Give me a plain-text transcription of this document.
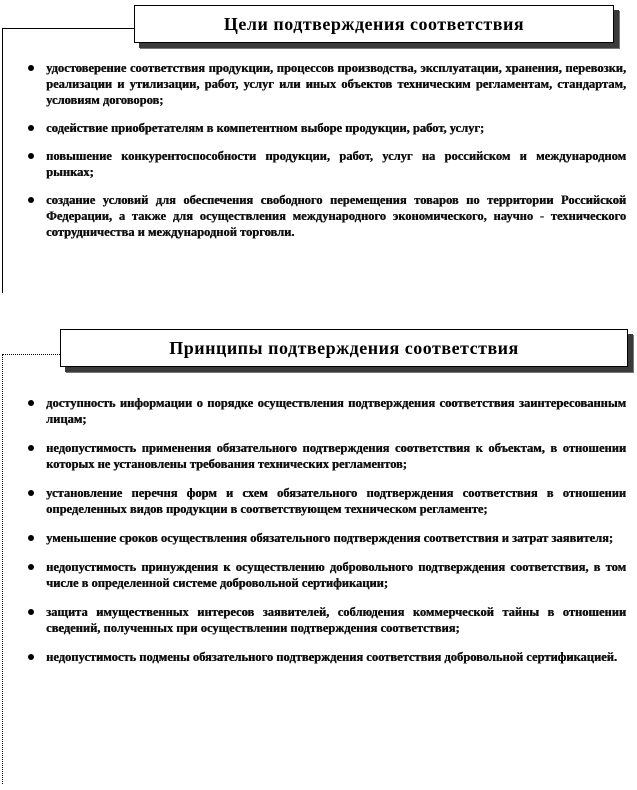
Цели подтверждения соответствия
удостоверение соответствия продукции, процессов производства, эксплуатации, хранения, перевозки, реализации и утилизации, работ, услуг или иных объектов техническим регламентам, стандартам, условиям договоров;
содействие приобретателям в компетентном выборе продукции, работ, услуг;
повышение конкурентоспособности продукции, работ, услуг на российском и международном рынках;
создание условий для обеспечения свободного перемещения товаров по территории Российской Федерации, а также для осуществления международного экономического, научно - технического сотрудничества и международной торговли.
Принципы подтверждения соответствия
доступность информации о порядке осуществления подтверждения соответствия заинтересованным лицам;
недопустимость применения обязательного подтверждения соответствия к объектам, в отношении которых не установлены требования технических регламентов;
установление перечня форм и схем обязательного подтверждения соответствия в отношении определенных видов продукции в соответствующем техническом регламенте;
уменьшение сроков осуществления обязательного подтверждения соответствия и затрат заявителя;
недопустимость принуждения к осуществлению добровольного подтверждения соответствия, в том числе в определенной системе добровольной сертификации;
защита имущественных интересов заявителей, соблюдения коммерческой тайны в отношении сведений, полученных при осуществлении подтверждения соответствия;
недопустимость подмены обязательного подтверждения соответствия добровольной сертификацией.
